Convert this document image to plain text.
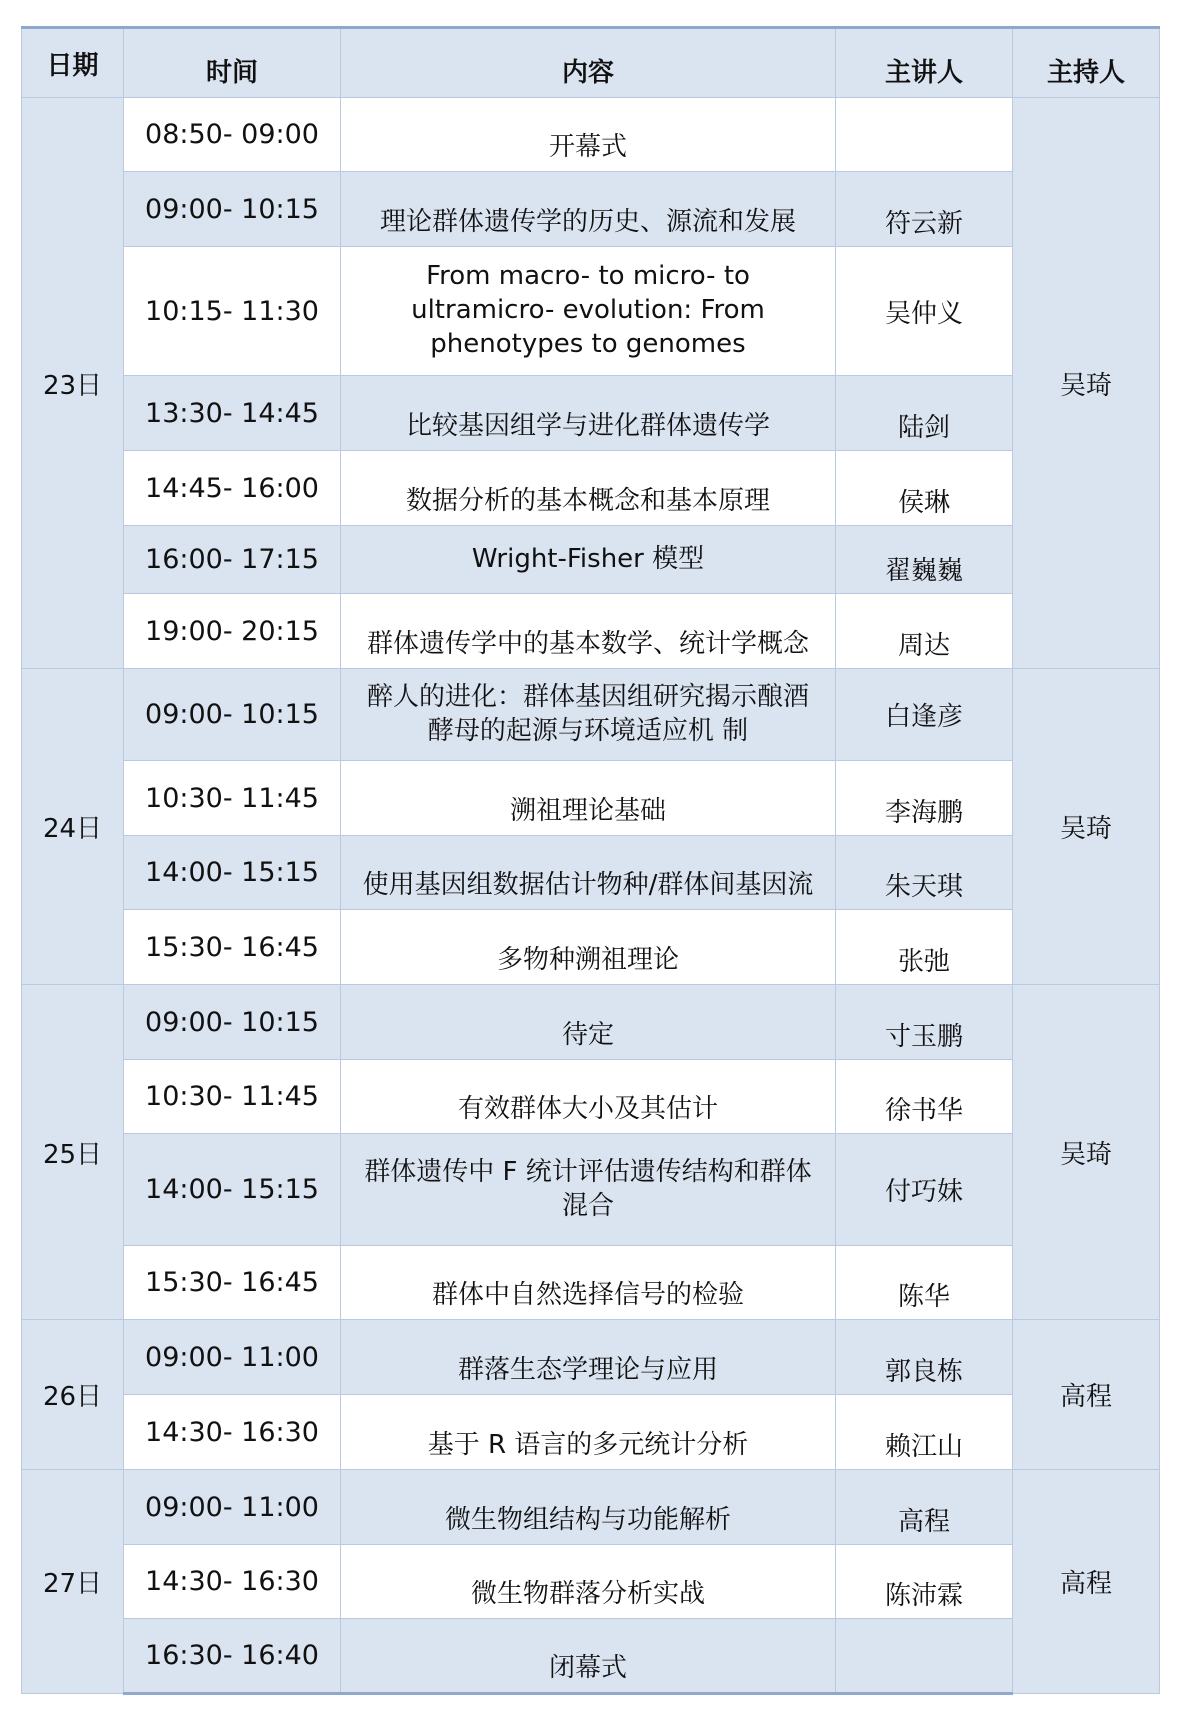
日期	时间	内容	主讲人	主持人
23日	08:50- 09:00	开幕式		吴琦
	09:00- 10:15	理论群体遗传学的历史、源流和发展	符云新	
	10:15- 11:30	From macro- to micro- to
ultramicro- evolution: From
phenotypes to genomes	吴仲义	
	13:30- 14:45	比较基因组学与进化群体遗传学	陆剑	
	14:45- 16:00	数据分析的基本概念和基本原理	侯琳	
	16:00- 17:15	Wright-Fisher 模型	翟巍巍	
	19:00- 20:15	群体遗传学中的基本数学、统计学概念	周达	
24日	09:00- 10:15	醉人的进化：群体基因组研究揭示酿酒
酵母的起源与环境适应机 制	白逢彦	吴琦
	10:30- 11:45	溯祖理论基础	李海鹏	
	14:00- 15:15	使用基因组数据估计物种/群体间基因流	朱天琪	
	15:30- 16:45	多物种溯祖理论	张弛	
25日	09:00- 10:15	待定	寸玉鹏	吴琦
	10:30- 11:45	有效群体大小及其估计	徐书华	
	14:00- 15:15	群体遗传中 F 统计评估遗传结构和群体
混合	付巧妹	
	15:30- 16:45	群体中自然选择信号的检验	陈华	
26日	09:00- 11:00	群落生态学理论与应用	郭良栋	高程
	14:30- 16:30	基于 R 语言的多元统计分析	赖江山	
27日	09:00- 11:00	微生物组结构与功能解析	高程	高程
	14:30- 16:30	微生物群落分析实战	陈沛霖	
	16:30- 16:40	闭幕式		
